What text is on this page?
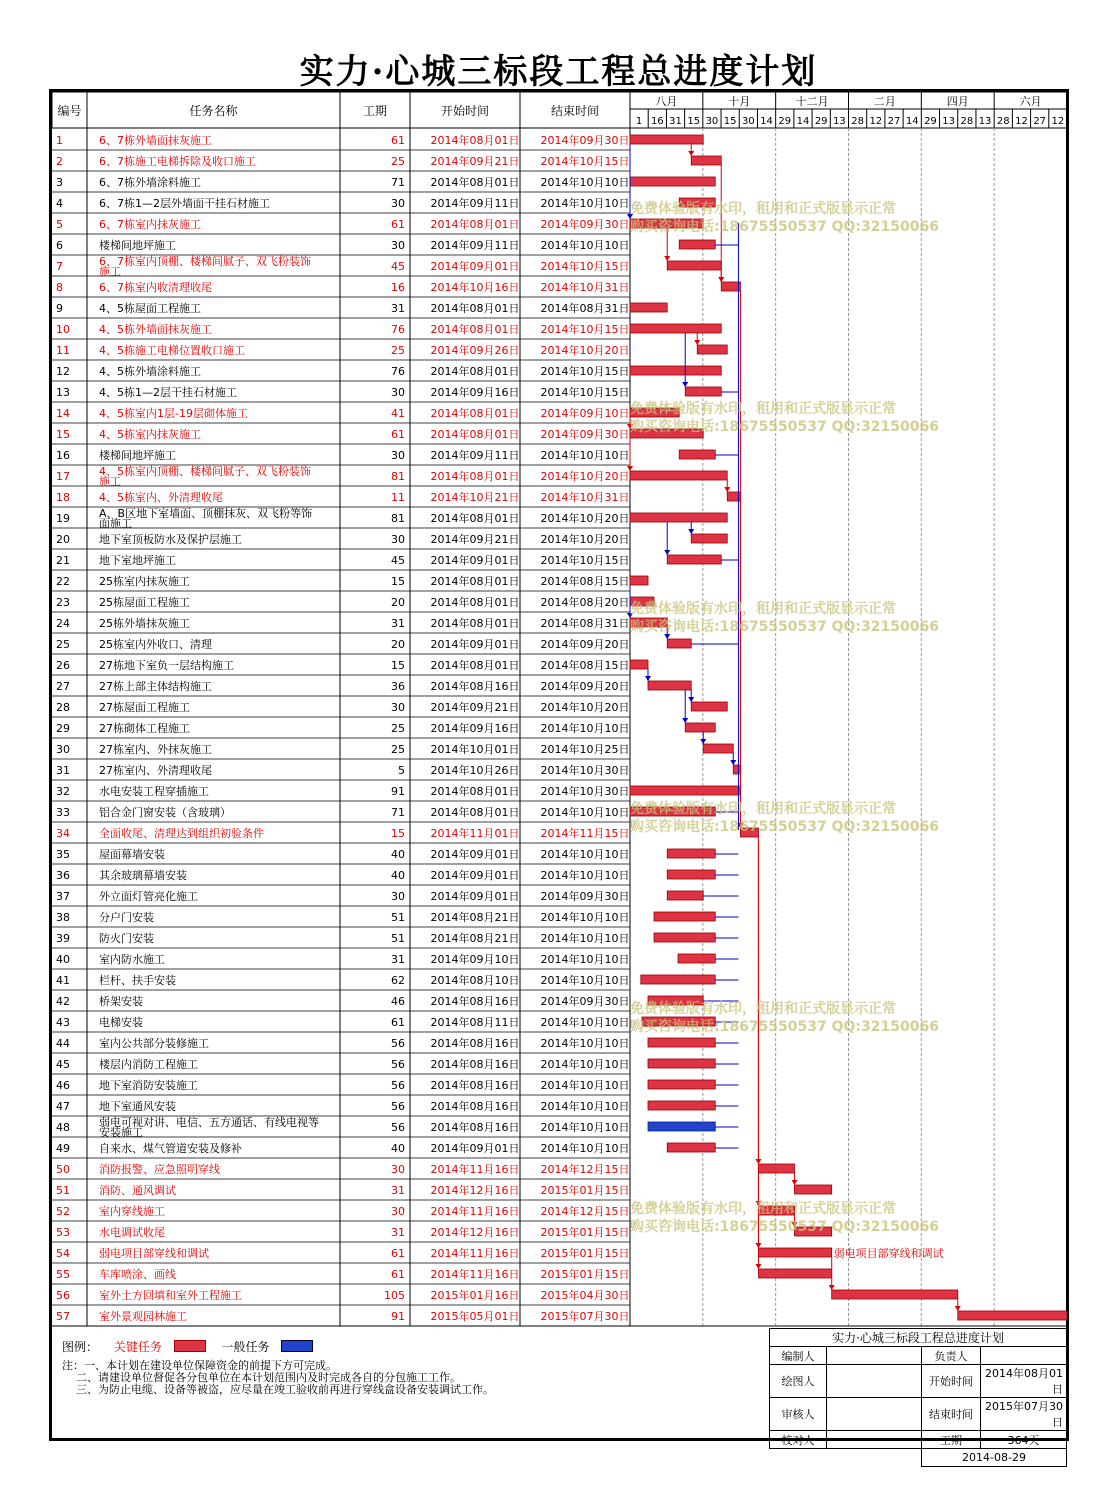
实力·心城三标段工程总进度计划
编号	任务名称	工期	开始时间	结束时间
八月	十月	十二月	二月	四月	六月
1 16 31 15 30 15 30 14 29 14 29 13 28 12 27 14 29 13 28 13 28 12 27 12
1	6、7栋外墙面抹灰施工	61 2014年08月01日 2014年09月30日
2	6、7栋施工电梯拆除及收口施工	25 2014年09月21日 2014年10月15日
3	6、7栋外墙涂料施工	71 2014年08月01日 2014年10月10日
4	6、7栋1—2层外墙面干挂石材施工	30 2014年09月11日 2014年10月10日
5	6、7栋室内抹灰施工	61 2014年08月01日 2014年09月30日
6	楼梯间地坪施工	30 2014年09月11日 2014年10月10日
7	6、7栋室内顶棚、楼梯间腻子、双飞粉装饰
施工	45 2014年09月01日 2014年10月15日
8	6、7栋室内收清理收尾	16 2014年10月16日 2014年10月31日
9	4、5栋屋面工程施工	31 2014年08月01日 2014年08月31日
10	4、5栋外墙面抹灰施工	76 2014年08月01日 2014年10月15日
11	4、5栋施工电梯位置收口施工	25 2014年09月26日 2014年10月20日
12	4、5栋外墙涂料施工	76 2014年08月01日 2014年10月15日
13	4、5栋1—2层干挂石材施工	30 2014年09月16日 2014年10月15日
14	4、5栋室内1层-19层砌体施工	41 2014年08月01日 2014年09月10日
15	4、5栋室内抹灰施工	61 2014年08月01日 2014年09月30日
16	楼梯间地坪施工	30 2014年09月11日 2014年10月10日
17	4、5栋室内顶棚、楼梯间腻子、双飞粉装饰
施工	81 2014年08月01日 2014年10月20日
18	4、5栋室内、外清理收尾	11 2014年10月21日 2014年10月31日
19	A、B区地下室墙面、顶棚抹灰、双飞粉等饰
面施工	81 2014年08月01日 2014年10月20日
20	地下室顶板防水及保护层施工	30 2014年09月21日 2014年10月20日
21	地下室地坪施工	45 2014年09月01日 2014年10月15日
22	25栋室内抹灰施工	15 2014年08月01日 2014年08月15日
23	25栋屋面工程施工	20 2014年08月01日 2014年08月20日
24	25栋外墙抹灰施工	31 2014年08月01日 2014年08月31日
25	25栋室内外收口、清理	20 2014年09月01日 2014年09月20日
26	27栋地下室负一层结构施工	15 2014年08月01日 2014年08月15日
27	27栋上部主体结构施工	36 2014年08月16日 2014年09月20日
28	27栋屋面工程施工	30 2014年09月21日 2014年10月20日
29	27栋砌体工程施工	25 2014年09月16日 2014年10月10日
30	27栋室内、外抹灰施工	25 2014年10月01日 2014年10月25日
31	27栋室内、外清理收尾	5 2014年10月26日 2014年10月30日
32	水电安装工程穿插施工	91 2014年08月01日 2014年10月30日
33	铝合金门窗安装（含玻璃）	71 2014年08月01日 2014年10月10日
34	全面收尾、清理达到组织初验条件	15 2014年11月01日 2014年11月15日
35	屋面幕墙安装	40 2014年09月01日 2014年10月10日
36	其余玻璃幕墙安装	40 2014年09月01日 2014年10月10日
37	外立面灯管亮化施工	30 2014年09月01日 2014年09月30日
38	分户门安装	51 2014年08月21日 2014年10月10日
39	防火门安装	51 2014年08月21日 2014年10月10日
40	室内防水施工	31 2014年09月10日 2014年10月10日
41	栏杆、扶手安装	62 2014年08月10日 2014年10月10日
42	桥架安装	46 2014年08月16日 2014年09月30日
43	电梯安装	61 2014年08月11日 2014年10月10日
44	室内公共部分装修施工	56 2014年08月16日 2014年10月10日
45	楼层内消防工程施工	56 2014年08月16日 2014年10月10日
46	地下室消防安装施工	56 2014年08月16日 2014年10月10日
47	地下室通风安装	56 2014年08月16日 2014年10月10日
48	弱电可视对讲、电信、五方通话、有线电视等
安装施工	56 2014年08月16日 2014年10月10日
49	自来水、煤气管道安装及修补	40 2014年09月01日 2014年10月10日
50	消防报警、应急照明穿线	30 2014年11月16日 2014年12月15日
51	消防、通风调试	31 2014年12月16日 2015年01月15日
52	室内穿线施工	30 2014年11月16日 2014年12月15日
53	水电调试收尾	31 2014年12月16日 2015年01月15日
54	弱电项目部穿线和调试	61 2014年11月16日 2015年01月15日
55	车库喷涂、画线	61 2014年11月16日 2015年01月15日
56	室外土方回填和室外工程施工	105 2015年01月16日 2015年04月30日
57	室外景观园林施工	91 2015年05月01日 2015年07月30日
弱电项目部穿线和调试
图例： 关键任务	一般任务
注：一、本计划在建设单位保障资金的前提下方可完成。
二、请建设单位督促各分包单位在本计划范围内及时完成各自的分包施工工作。
三、为防止电缆、设备等被盗，应尽量在竣工验收前再进行穿线盒设备安装调试工作。
实力·心城三标段工程总进度计划			
编制人		负责人	
绘图人		开始时间	2014年08月01日
审核人		结束时间	2015年07月30日
校对人		工期	364天
		2014-08-29	
免费体验版有水印，租用和正式版显示正常
购买咨询电话:18675550537 QQ:32150066
免费体验版有水印，租用和正式版显示正常
购买咨询电话:18675550537 QQ:32150066
免费体验版有水印，租用和正式版显示正常
购买咨询电话:18675550537 QQ:32150066
免费体验版有水印，租用和正式版显示正常
购买咨询电话:18675550537 QQ:32150066
免费体验版有水印，租用和正式版显示正常
购买咨询电话:18675550537 QQ:32150066
免费体验版有水印，租用和正式版显示正常
购买咨询电话:18675550537 QQ:32150066
